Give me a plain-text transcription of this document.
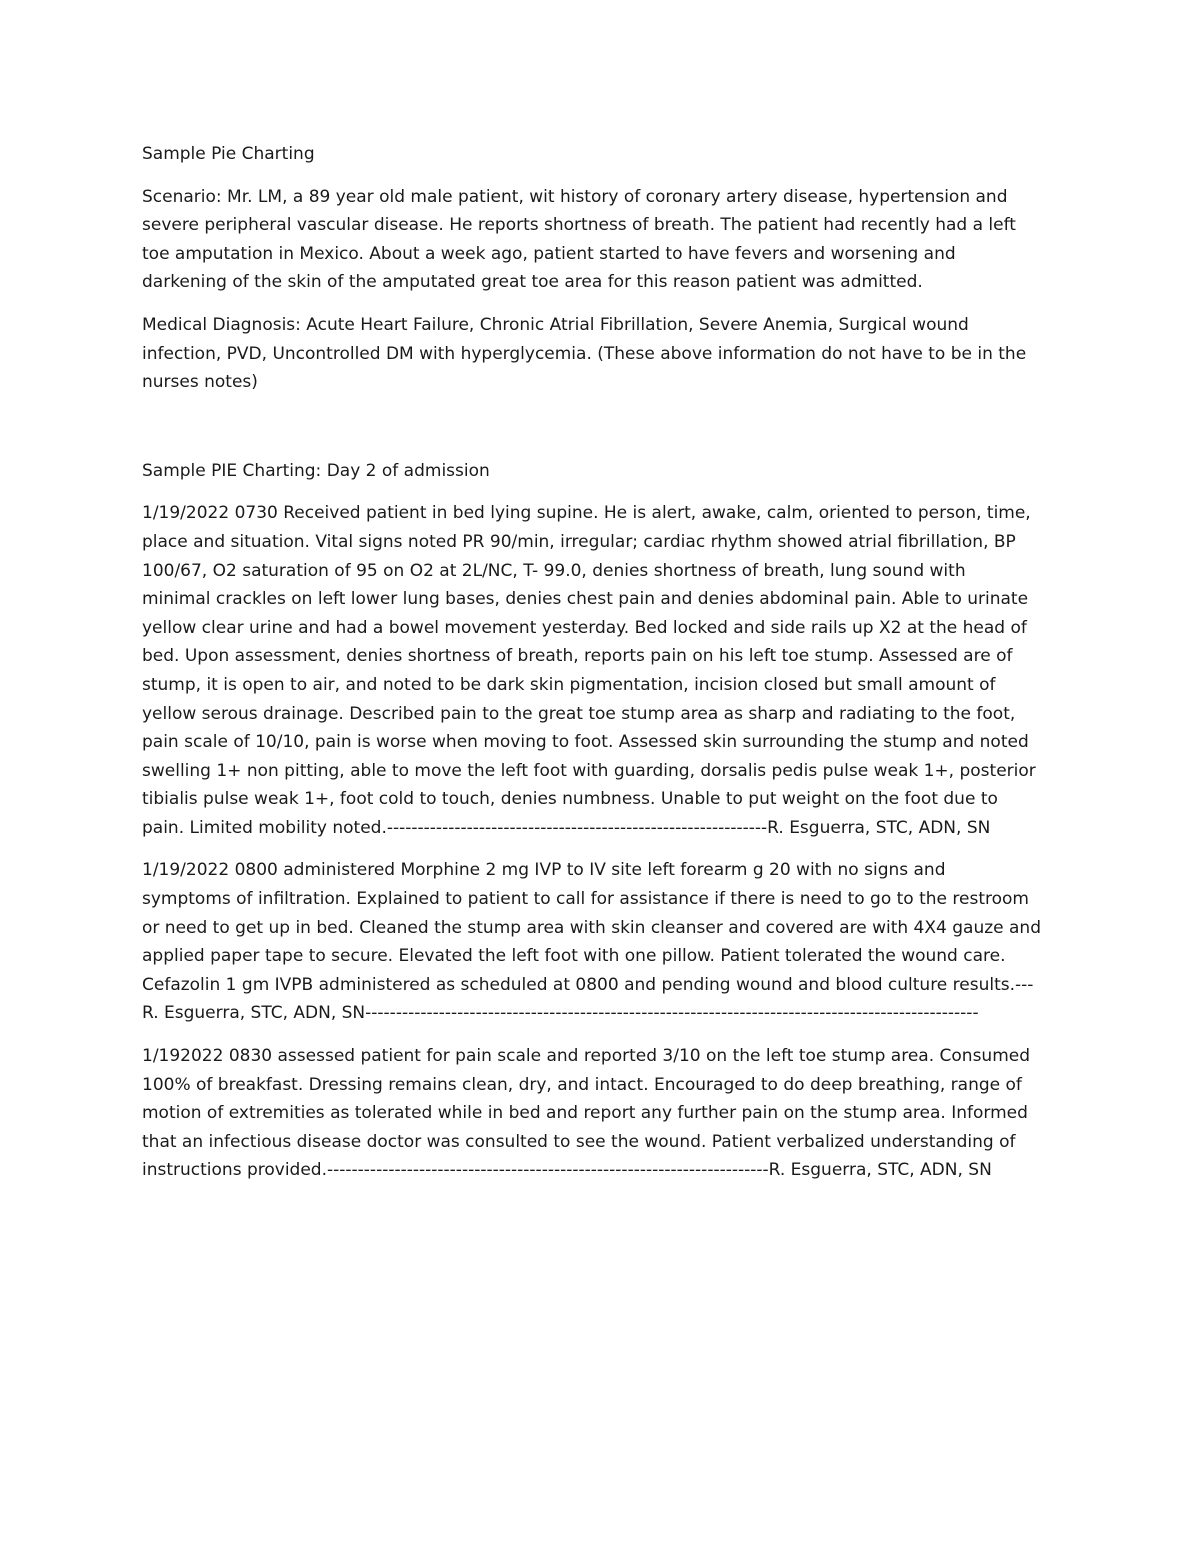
Sample Pie Charting

Scenario: Mr. LM, a 89 year old male patient, wit history of coronary artery disease, hypertension and
severe peripheral vascular disease. He reports shortness of breath. The patient had recently had a left
toe amputation in Mexico. About a week ago, patient started to have fevers and worsening and
darkening of the skin of the amputated great toe area for this reason patient was admitted.

Medical Diagnosis: Acute Heart Failure, Chronic Atrial Fibrillation, Severe Anemia, Surgical wound
infection, PVD, Uncontrolled DM with hyperglycemia. (These above information do not have to be in the
nurses notes)

Sample PIE Charting: Day 2 of admission

1/19/2022 0730 Received patient in bed lying supine. He is alert, awake, calm, oriented to person, time,
place and situation. Vital signs noted PR 90/min, irregular; cardiac rhythm showed atrial fibrillation, BP
100/67, O2 saturation of 95 on O2 at 2L/NC, T- 99.0, denies shortness of breath, lung sound with
minimal crackles on left lower lung bases, denies chest pain and denies abdominal pain. Able to urinate
yellow clear urine and had a bowel movement yesterday. Bed locked and side rails up X2 at the head of
bed. Upon assessment, denies shortness of breath, reports pain on his left toe stump. Assessed are of
stump, it is open to air, and noted to be dark skin pigmentation, incision closed but small amount of
yellow serous drainage. Described pain to the great toe stump area as sharp and radiating to the foot,
pain scale of 10/10, pain is worse when moving to foot. Assessed skin surrounding the stump and noted
swelling 1+ non pitting, able to move the left foot with guarding, dorsalis pedis pulse weak 1+, posterior
tibialis pulse weak 1+, foot cold to touch, denies numbness. Unable to put weight on the foot due to
pain. Limited mobility noted.--------------------------------------------------------------R. Esguerra, STC, ADN, SN

1/19/2022 0800 administered Morphine 2 mg IVP to IV site left forearm g 20 with no signs and
symptoms of infiltration. Explained to patient to call for assistance if there is need to go to the restroom
or need to get up in bed. Cleaned the stump area with skin cleanser and covered are with 4X4 gauze and
applied paper tape to secure. Elevated the left foot with one pillow. Patient tolerated the wound care.
Cefazolin 1 gm IVPB administered as scheduled at 0800 and pending wound and blood culture results.---
R. Esguerra, STC, ADN, SN----------------------------------------------------------------------------------------------------

1/192022 0830 assessed patient for pain scale and reported 3/10 on the left toe stump area. Consumed
100% of breakfast. Dressing remains clean, dry, and intact. Encouraged to do deep breathing, range of
motion of extremities as tolerated while in bed and report any further pain on the stump area. Informed
that an infectious disease doctor was consulted to see the wound. Patient verbalized understanding of
instructions provided.------------------------------------------------------------------------R. Esguerra, STC, ADN, SN
